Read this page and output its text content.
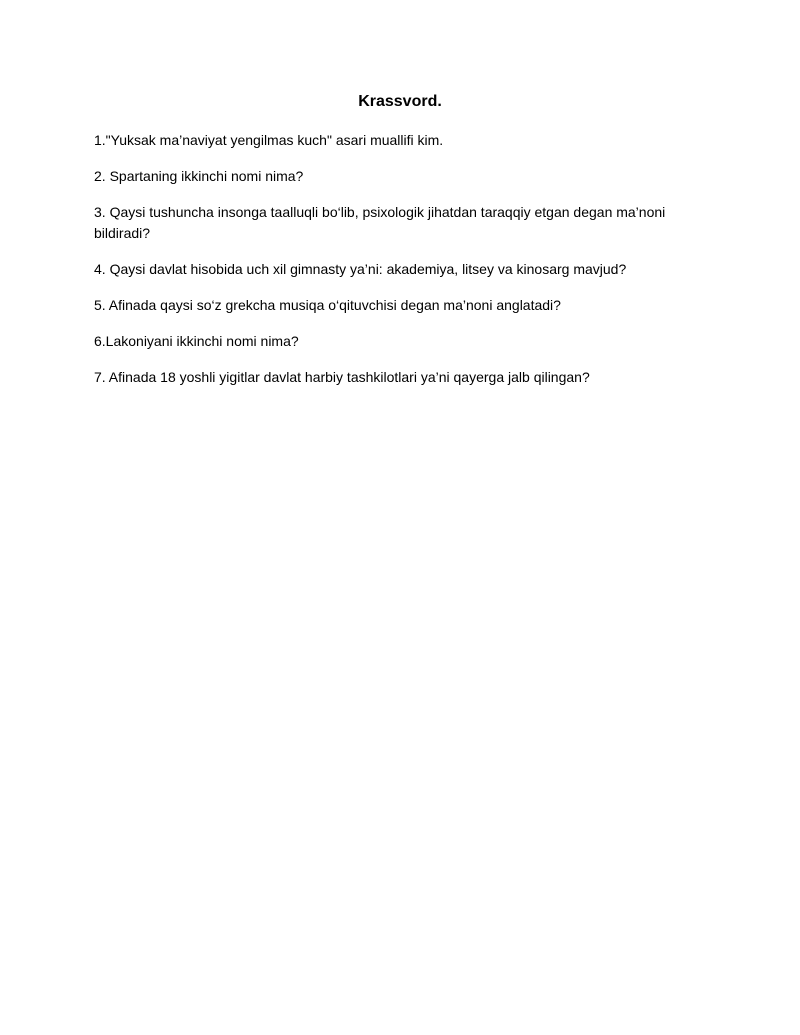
Krassvord.
1."Yuksak ma’naviyat yengilmas kuch" asari muallifi kim.
2. Spartaning ikkinchi nomi nima?
3. Qaysi tushuncha insonga taalluqli bo‘lib, psixologik jihatdan taraqqiy etgan degan ma’noni bildiradi?
4. Qaysi davlat hisobida uch xil gimnasty ya’ni: akademiya, litsey va kinosarg mavjud?
5. Afinada qaysi so‘z grekcha musiqa o‘qituvchisi degan ma’noni anglatadi?
6.Lakoniyani ikkinchi nomi nima?
7. Afinada 18 yoshli yigitlar davlat harbiy tashkilotlari ya’ni qayerga jalb qilingan?
